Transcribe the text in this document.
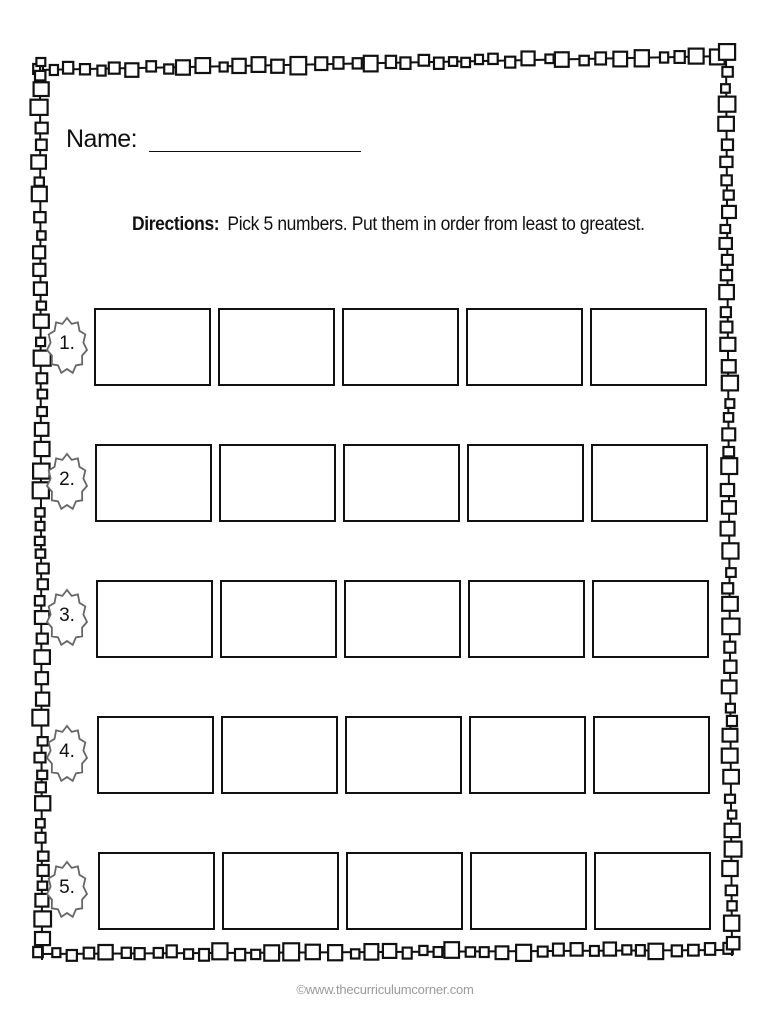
Name:
Directions: Pick 5 numbers. Put them in order from least to greatest.
1.
2.
3.
4.
5.
©www.thecurriculumcorner.com
